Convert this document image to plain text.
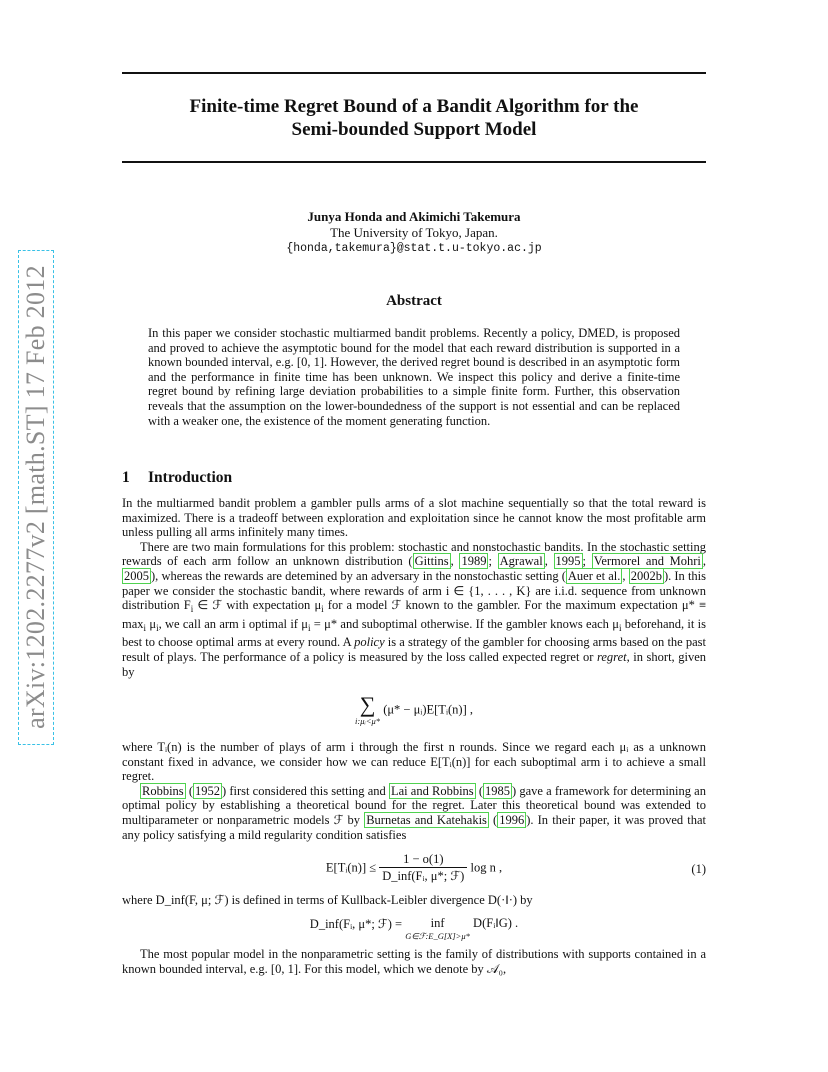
arXiv:1202.2277v2 [math.ST] 17 Feb 2012
Finite-time Regret Bound of a Bandit Algorithm for the
Semi-bounded Support Model
Junya Honda and Akimichi Takemura
The University of Tokyo, Japan.
{honda,takemura}@stat.t.u-tokyo.ac.jp
Abstract
In this paper we consider stochastic multiarmed bandit problems. Recently a policy, DMED, is proposed and proved to achieve the asymptotic bound for the model that each reward distribution is supported in a known bounded interval, e.g. [0, 1]. However, the derived regret bound is described in an asymptotic form and the performance in finite time has been unknown. We inspect this policy and derive a finite-time regret bound by refining large deviation probabilities to a simple finite form. Further, this observation reveals that the assumption on the lower-boundedness of the support is not essential and can be replaced with a weaker one, the existence of the moment generating function.
1 Introduction

In the multiarmed bandit problem a gambler pulls arms of a slot machine sequentially so that the total reward is maximized. There is a tradeoff between exploration and exploitation since he cannot know the most profitable arm unless pulling all arms infinitely many times.

There are two main formulations for this problem: stochastic and nonstochastic bandits. In the stochastic setting rewards of each arm follow an unknown distribution ( Gittins , 1989 ; Agrawal , 1995 ; Vermorel and Mohri , 2005 ), whereas the rewards are detemined by an adversary in the nonstochastic setting ( Auer et al. , 2002b ). In this paper we consider the stochastic bandit, where rewards of arm i ∈ {1, . . . , K} are i.i.d. sequence from unknown distribution $F_i$ ∈ ℱ with expectation $\mu_i$ for a model ℱ known to the gambler. For the maximum expectation $\mu* \equiv \max_i \mu_i$, we call an arm i optimal if $\mu_i = \mu*$ and suboptimal otherwise. If the gambler knows each $\mu_i$ beforehand, it is best to choose optimal arms at every round. A policy is a strategy of the gambler for choosing arms based on the past result of plays. The performance of a policy is measured by the loss called expected regret or regret, in short, given by

∑
i:μᵢ<μ*
(μ* − μᵢ)E[Tᵢ(n)] ,

where Tᵢ(n) is the number of plays of arm i through the first n rounds. Since we regard each μᵢ as a unknown constant fixed in advance, we consider how we can reduce E[Tᵢ(n)] for each suboptimal arm i to achieve a small regret.

Robbins ( 1952 ) first considered this setting and Lai and Robbins ( 1985 ) gave a framework for determining an optimal policy by establishing a theoretical bound for the regret. Later this theoretical bound was extended to multiparameter or nonparametric models ℱ by Burnetas and Katehakis ( 1996 ). In their paper, it was proved that any policy satisfying a mild regularity condition satisfies

E[Tᵢ(n)] ≤ $\frac{1 - o(1)}{\text{D\_inf(Fᵢ, μ*; ℱ)}}$ log n ,	(1)

where D_inf(F, μ; ℱ) is defined in terms of Kullback-Leibler divergence D(·‖·) by

D_inf(Fᵢ, μ*; ℱ) =	inf
G∈ℱ:E_G[X]>μ*
D(Fᵢ‖G) .

The most popular model in the nonparametric setting is the family of distributions with supports contained in a known bounded interval, e.g. [0, 1]. For this model, which we denote by 𝒜₀,
